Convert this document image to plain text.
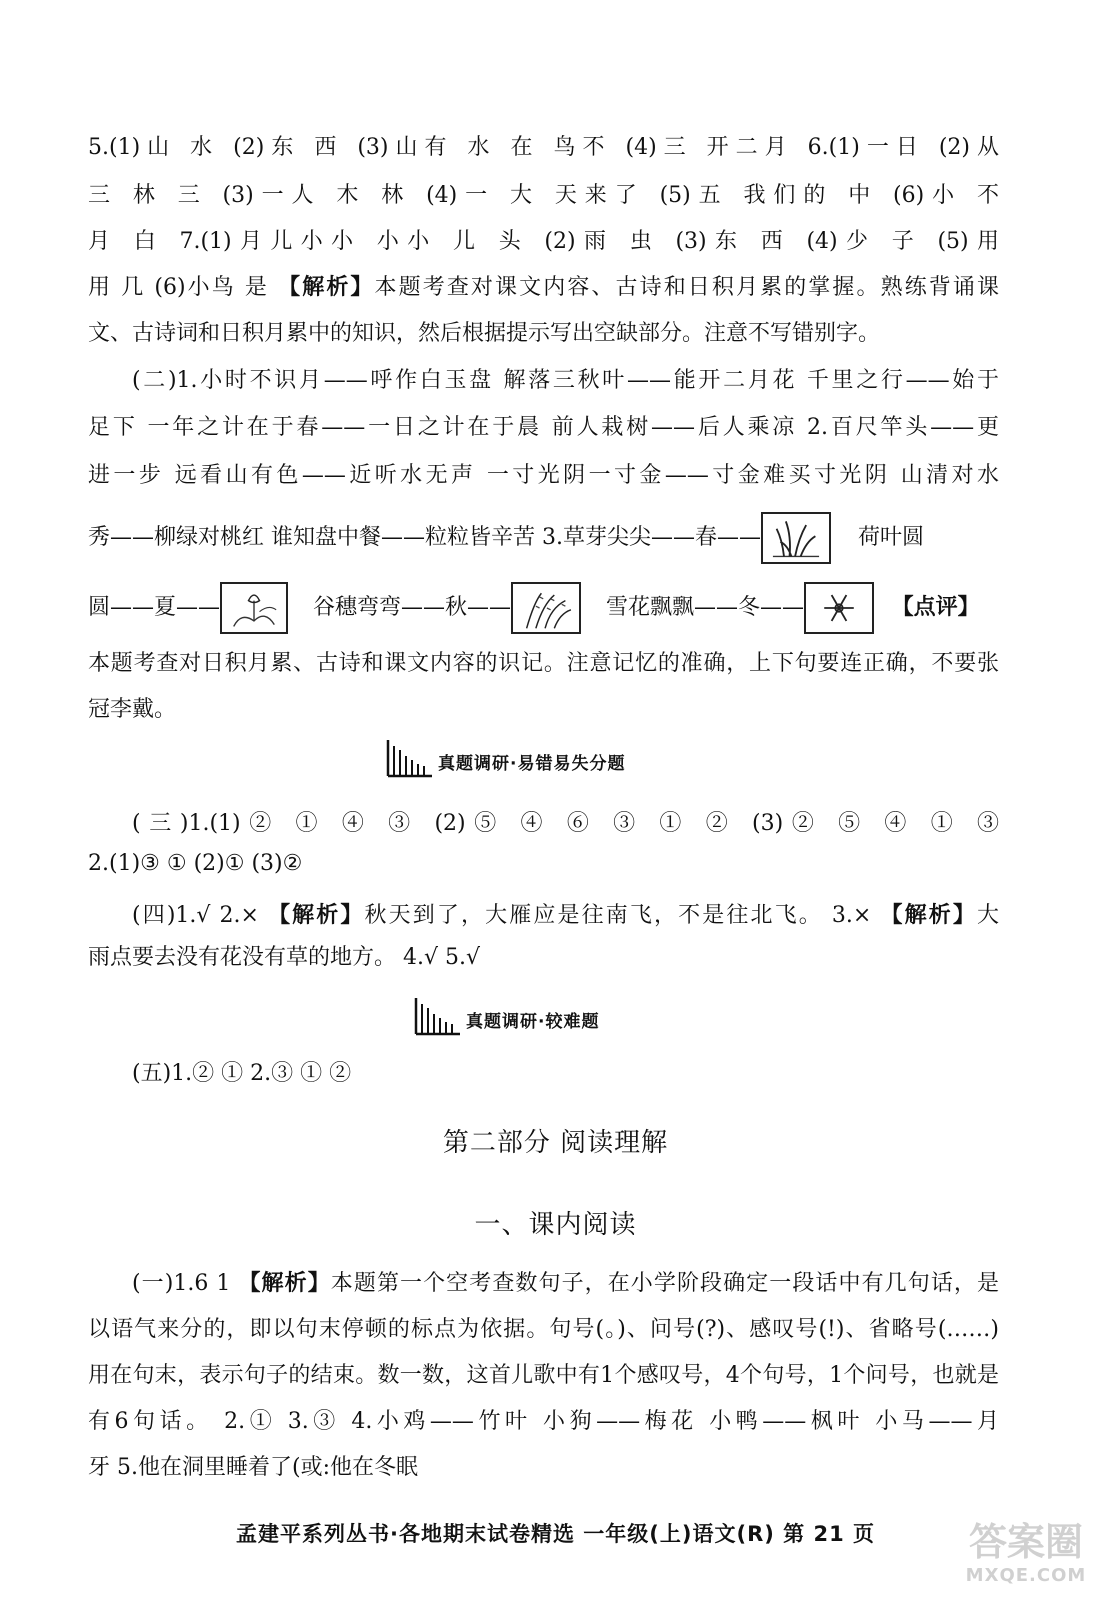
5.(1)山 水 (2)东 西 (3)山有 水 在 鸟不 (4)三 开二月 6.(1)一日 (2)从
三 林 三 (3)一人 木 林 (4)一 大 天来了 (5)五 我们的 中 (6)小 不
月 白 7.(1)月儿小小 小小 儿 头 (2)雨 虫 (3)东 西 (4)少 子 (5)用
用 几 (6)小鸟 是 【解析】本题考查对课文内容、古诗和日积月累的掌握。熟练背诵课
文、古诗词和日积月累中的知识，然后根据提示写出空缺部分。注意不写错别字。
(二)1.小时不识月——呼作白玉盘 解落三秋叶——能开二月花 千里之行——始于
足下 一年之计在于春——一日之计在于晨 前人栽树——后人乘凉 2.百尺竿头——更
进一步 远看山有色——近听水无声 一寸光阴一寸金——寸金难买寸光阴 山清对水
秀——柳绿对桃红 谁知盘中餐——粒粒皆辛苦 3.草芽尖尖——春——	荷叶圆
圆——夏——	谷穗弯弯——秋——	雪花飘飘——冬——	【点评】
本题考查对日积月累、古诗和课文内容的识记。注意记忆的准确，上下句要连正确，不要张
冠李戴。
真题调研·易错易失分题
(三)1.(1)② ① ④ ③ (2)⑤ ④ ⑥ ③ ① ② (3)② ⑤ ④ ① ③
2.(1)③ ① (2)① (3)②
(四)1.√ 2.× 【解析】秋天到了，大雁应是往南飞，不是往北飞。 3.× 【解析】大
雨点要去没有花没有草的地方。 4.√ 5.√
真题调研·较难题
(五)1.② ① 2.③ ① ②
第二部分 阅读理解
一、课内阅读
(一)1.6 1 【解析】本题第一个空考查数句子，在小学阶段确定一段话中有几句话，是
以语气来分的，即以句末停顿的标点为依据。句号(。)、问号(?)、感叹号(!)、省略号(……)
用在句末，表示句子的结束。数一数，这首儿歌中有1个感叹号，4个句号，1个问号，也就是
有6句话。 2.① 3.③ 4.小鸡——竹叶 小狗——梅花 小鸭——枫叶 小马——月
牙 5.他在洞里睡着了(或:他在冬眠
孟建平系列丛书·各地期末试卷精选 一年级(上)语文(R) 第 21 页	答案圈
MXQE.COM
